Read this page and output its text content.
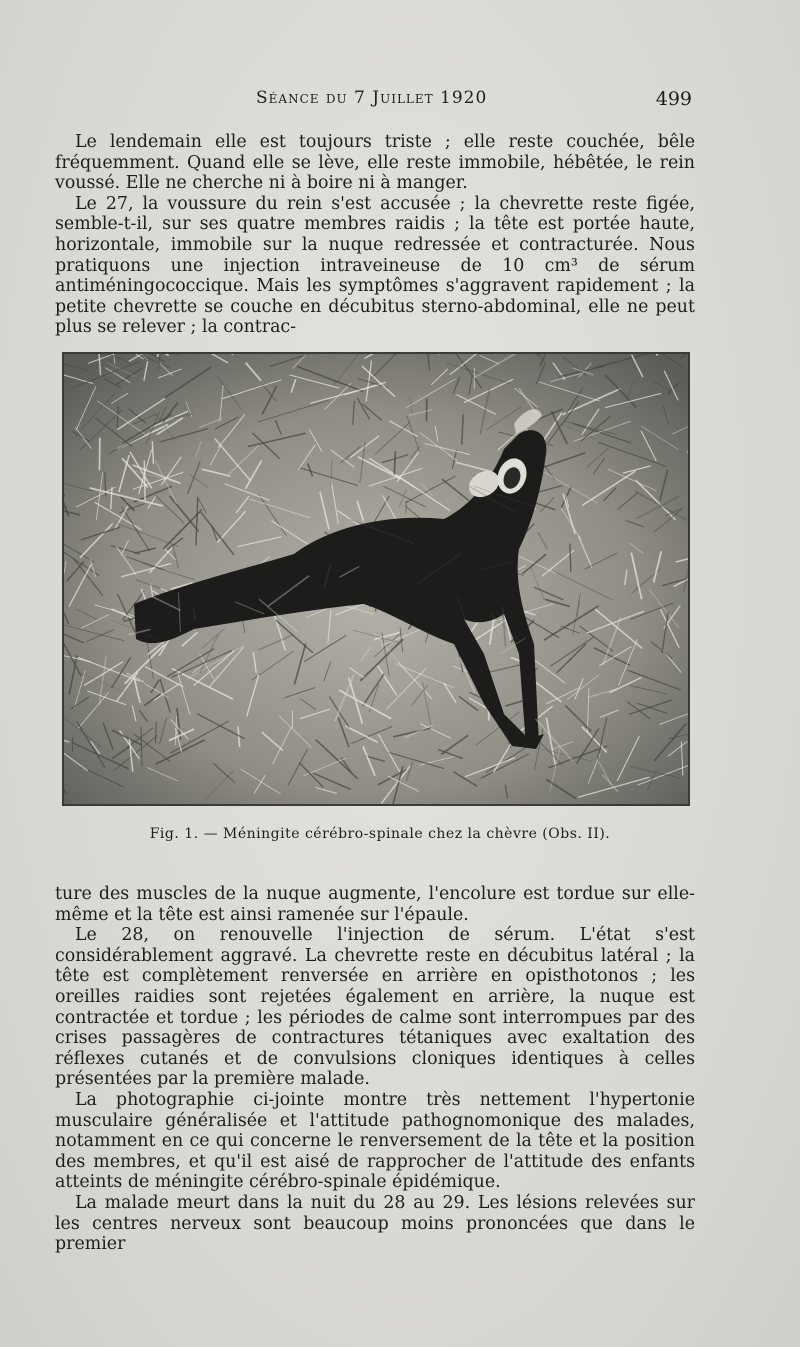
Séance du 7 Juillet 1920	499

Le lendemain elle est toujours triste ; elle reste couchée, bêle fréquemment. Quand elle se lève, elle reste immobile, hébêtée, le rein voussé. Elle ne cherche ni à boire ni à manger.

Le 27, la voussure du rein s'est accusée ; la chevrette reste figée, semble-t-il, sur ses quatre membres raidis ; la tête est portée haute, horizontale, immobile sur la nuque redressée et contracturée. Nous pratiquons une injection intraveineuse de 10 cm³ de sérum antiméningococcique. Mais les symptômes s'aggravent rapidement ; la petite chevrette se couche en décubitus sterno-abdominal, elle ne peut plus se relever ; la contrac-

Fig. 1. — Méningite cérébro-spinale chez la chèvre (Obs. II).

ture des muscles de la nuque augmente, l'encolure est tordue sur elle-même et la tête est ainsi ramenée sur l'épaule.

Le 28, on renouvelle l'injection de sérum. L'état s'est considérablement aggravé. La chevrette reste en décubitus latéral ; la tête est complètement renversée en arrière en opisthotonos ; les oreilles raidies sont rejetées également en arrière, la nuque est contractée et tordue ; les périodes de calme sont interrompues par des crises passagères de contractures tétaniques avec exaltation des réflexes cutanés et de convulsions cloniques identiques à celles présentées par la première malade.

La photographie ci-jointe montre très nettement l'hypertonie musculaire généralisée et l'attitude pathognomonique des malades, notamment en ce qui concerne le renversement de la tête et la position des membres, et qu'il est aisé de rapprocher de l'attitude des enfants atteints de méningite cérébro-spinale épidémique.

La malade meurt dans la nuit du 28 au 29. Les lésions relevées sur les centres nerveux sont beaucoup moins prononcées que dans le premier
